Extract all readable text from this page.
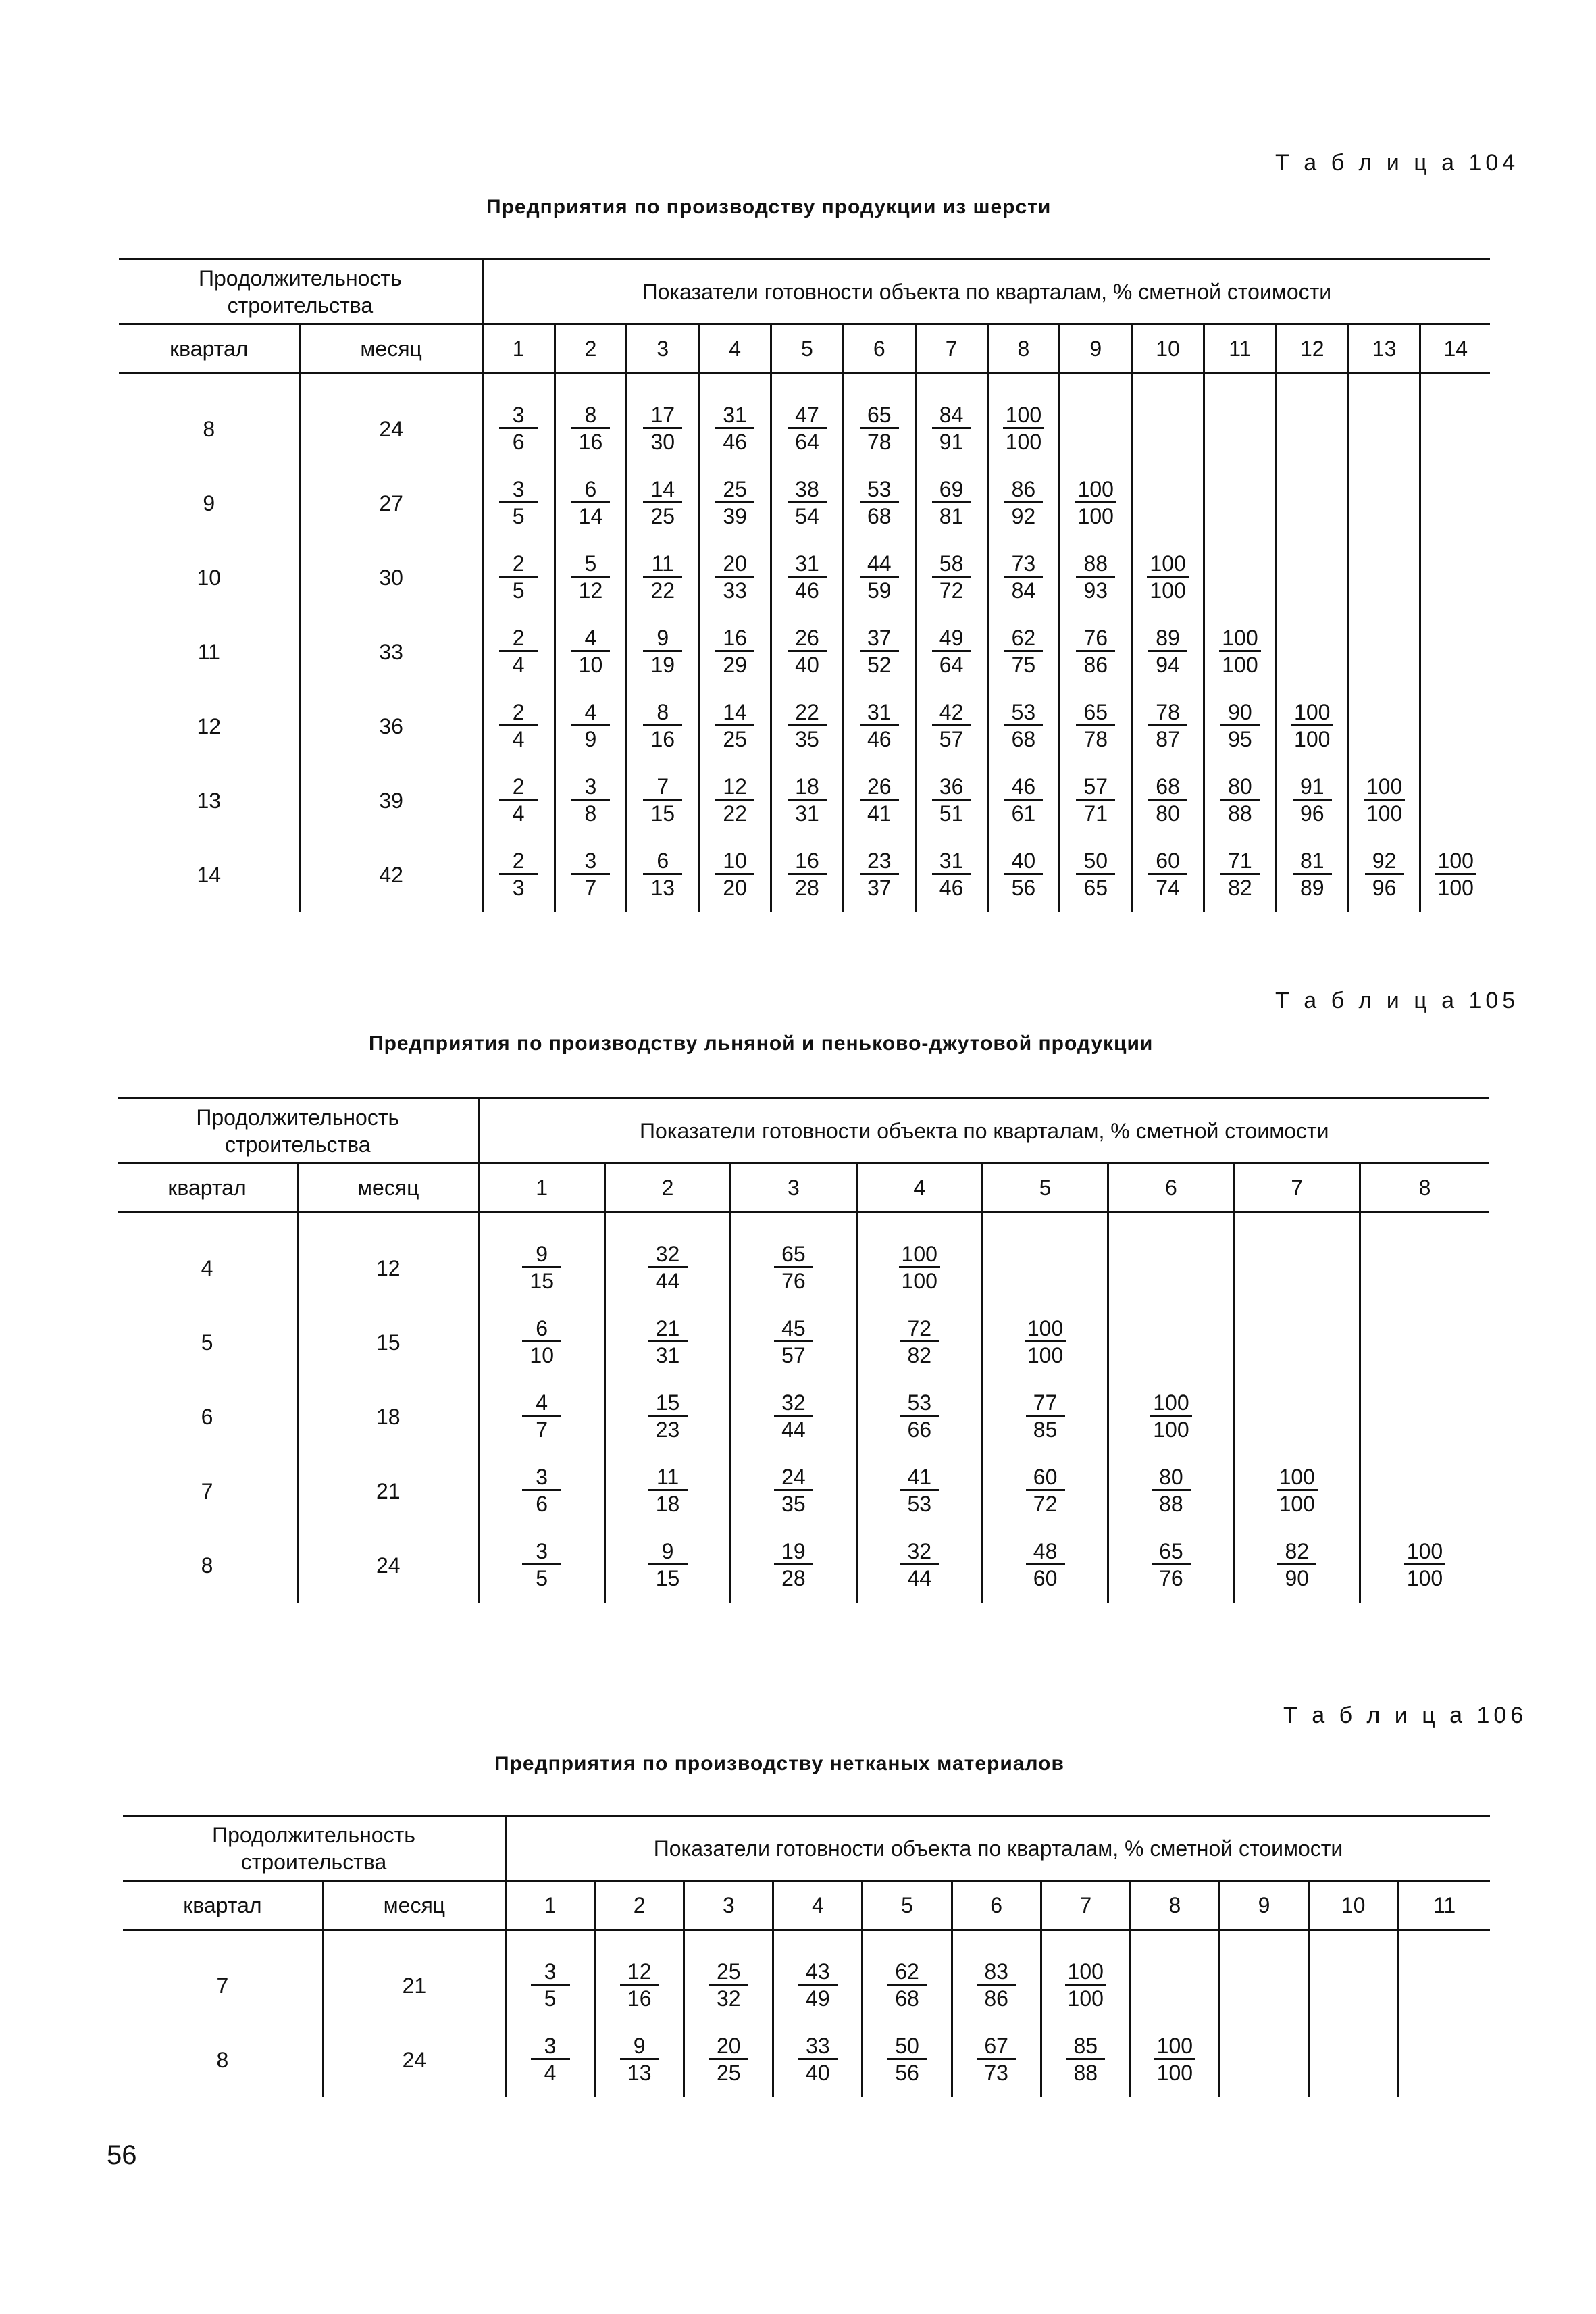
Т а б л и ц а 104
Предприятия по производству продукции из шерсти
Продолжительность строительства		Показатели готовности объекта по кварталам, % сметной стоимости													
квартал	месяц	1	2	3	4	5	6	7	8	9	10	11	12	13	14
8	24	$\frac{3}{6}$	$\frac{8}{16}$	$\frac{17}{30}$	$\frac{31}{46}$	$\frac{47}{64}$	$\frac{65}{78}$	$\frac{84}{91}$	$\frac{100}{100}$

9	27	$\frac{3}{5}$	$\frac{6}{14}$	$\frac{14}{25}$	$\frac{25}{39}$	$\frac{38}{54}$	$\frac{53}{68}$	$\frac{69}{81}$	$\frac{86}{92}$	$\frac{100}{100}$

10	30	$\frac{2}{5}$	$\frac{5}{12}$	$\frac{11}{22}$	$\frac{20}{33}$	$\frac{31}{46}$	$\frac{44}{59}$	$\frac{58}{72}$	$\frac{73}{84}$	$\frac{88}{93}$	$\frac{100}{100}$

11	33	$\frac{2}{4}$	$\frac{4}{10}$	$\frac{9}{19}$	$\frac{16}{29}$	$\frac{26}{40}$	$\frac{37}{52}$	$\frac{49}{64}$	$\frac{62}{75}$	$\frac{76}{86}$	$\frac{89}{94}$	$\frac{100}{100}$

12	36	$\frac{2}{4}$	$\frac{4}{9}$	$\frac{8}{16}$	$\frac{14}{25}$	$\frac{22}{35}$	$\frac{31}{46}$	$\frac{42}{57}$	$\frac{53}{68}$	$\frac{65}{78}$	$\frac{78}{87}$	$\frac{90}{95}$	$\frac{100}{100}$

13	39	$\frac{2}{4}$	$\frac{3}{8}$	$\frac{7}{15}$	$\frac{12}{22}$	$\frac{18}{31}$	$\frac{26}{41}$	$\frac{36}{51}$	$\frac{46}{61}$	$\frac{57}{71}$	$\frac{68}{80}$	$\frac{80}{88}$	$\frac{91}{96}$	$\frac{100}{100}$

14	42	$\frac{2}{3}$	$\frac{3}{7}$	$\frac{6}{13}$	$\frac{10}{20}$	$\frac{16}{28}$	$\frac{23}{37}$	$\frac{31}{46}$	$\frac{40}{56}$	$\frac{50}{65}$	$\frac{60}{74}$	$\frac{71}{82}$	$\frac{81}{89}$	$\frac{92}{96}$	$\frac{100}{100}$
Т а б л и ц а 105
Предприятия по производству льняной и пеньково-джутовой продукции
Продолжительность строительства		Показатели готовности объекта по кварталам, % сметной стоимости							
квартал	месяц	1	2	3	4	5	6	7	8
4	12	$\frac{9}{15}$	$\frac{32}{44}$	$\frac{65}{76}$	$\frac{100}{100}$

5	15	$\frac{6}{10}$	$\frac{21}{31}$	$\frac{45}{57}$	$\frac{72}{82}$	$\frac{100}{100}$

6	18	$\frac{4}{7}$	$\frac{15}{23}$	$\frac{32}{44}$	$\frac{53}{66}$	$\frac{77}{85}$	$\frac{100}{100}$

7	21	$\frac{3}{6}$	$\frac{11}{18}$	$\frac{24}{35}$	$\frac{41}{53}$	$\frac{60}{72}$	$\frac{80}{88}$	$\frac{100}{100}$

8	24	$\frac{3}{5}$	$\frac{9}{15}$	$\frac{19}{28}$	$\frac{32}{44}$	$\frac{48}{60}$	$\frac{65}{76}$	$\frac{82}{90}$	$\frac{100}{100}$
Т а б л и ц а 106
Предприятия по производству нетканых материалов
Продолжительность строительства		Показатели готовности объекта по кварталам, % сметной стоимости										
квартал	месяц	1	2	3	4	5	6	7	8	9	10	11
7	21	$\frac{3}{5}$	$\frac{12}{16}$	$\frac{25}{32}$	$\frac{43}{49}$	$\frac{62}{68}$	$\frac{83}{86}$	$\frac{100}{100}$

8	24	$\frac{3}{4}$	$\frac{9}{13}$	$\frac{20}{25}$	$\frac{33}{40}$	$\frac{50}{56}$	$\frac{67}{73}$	$\frac{85}{88}$	$\frac{100}{100}$

56
